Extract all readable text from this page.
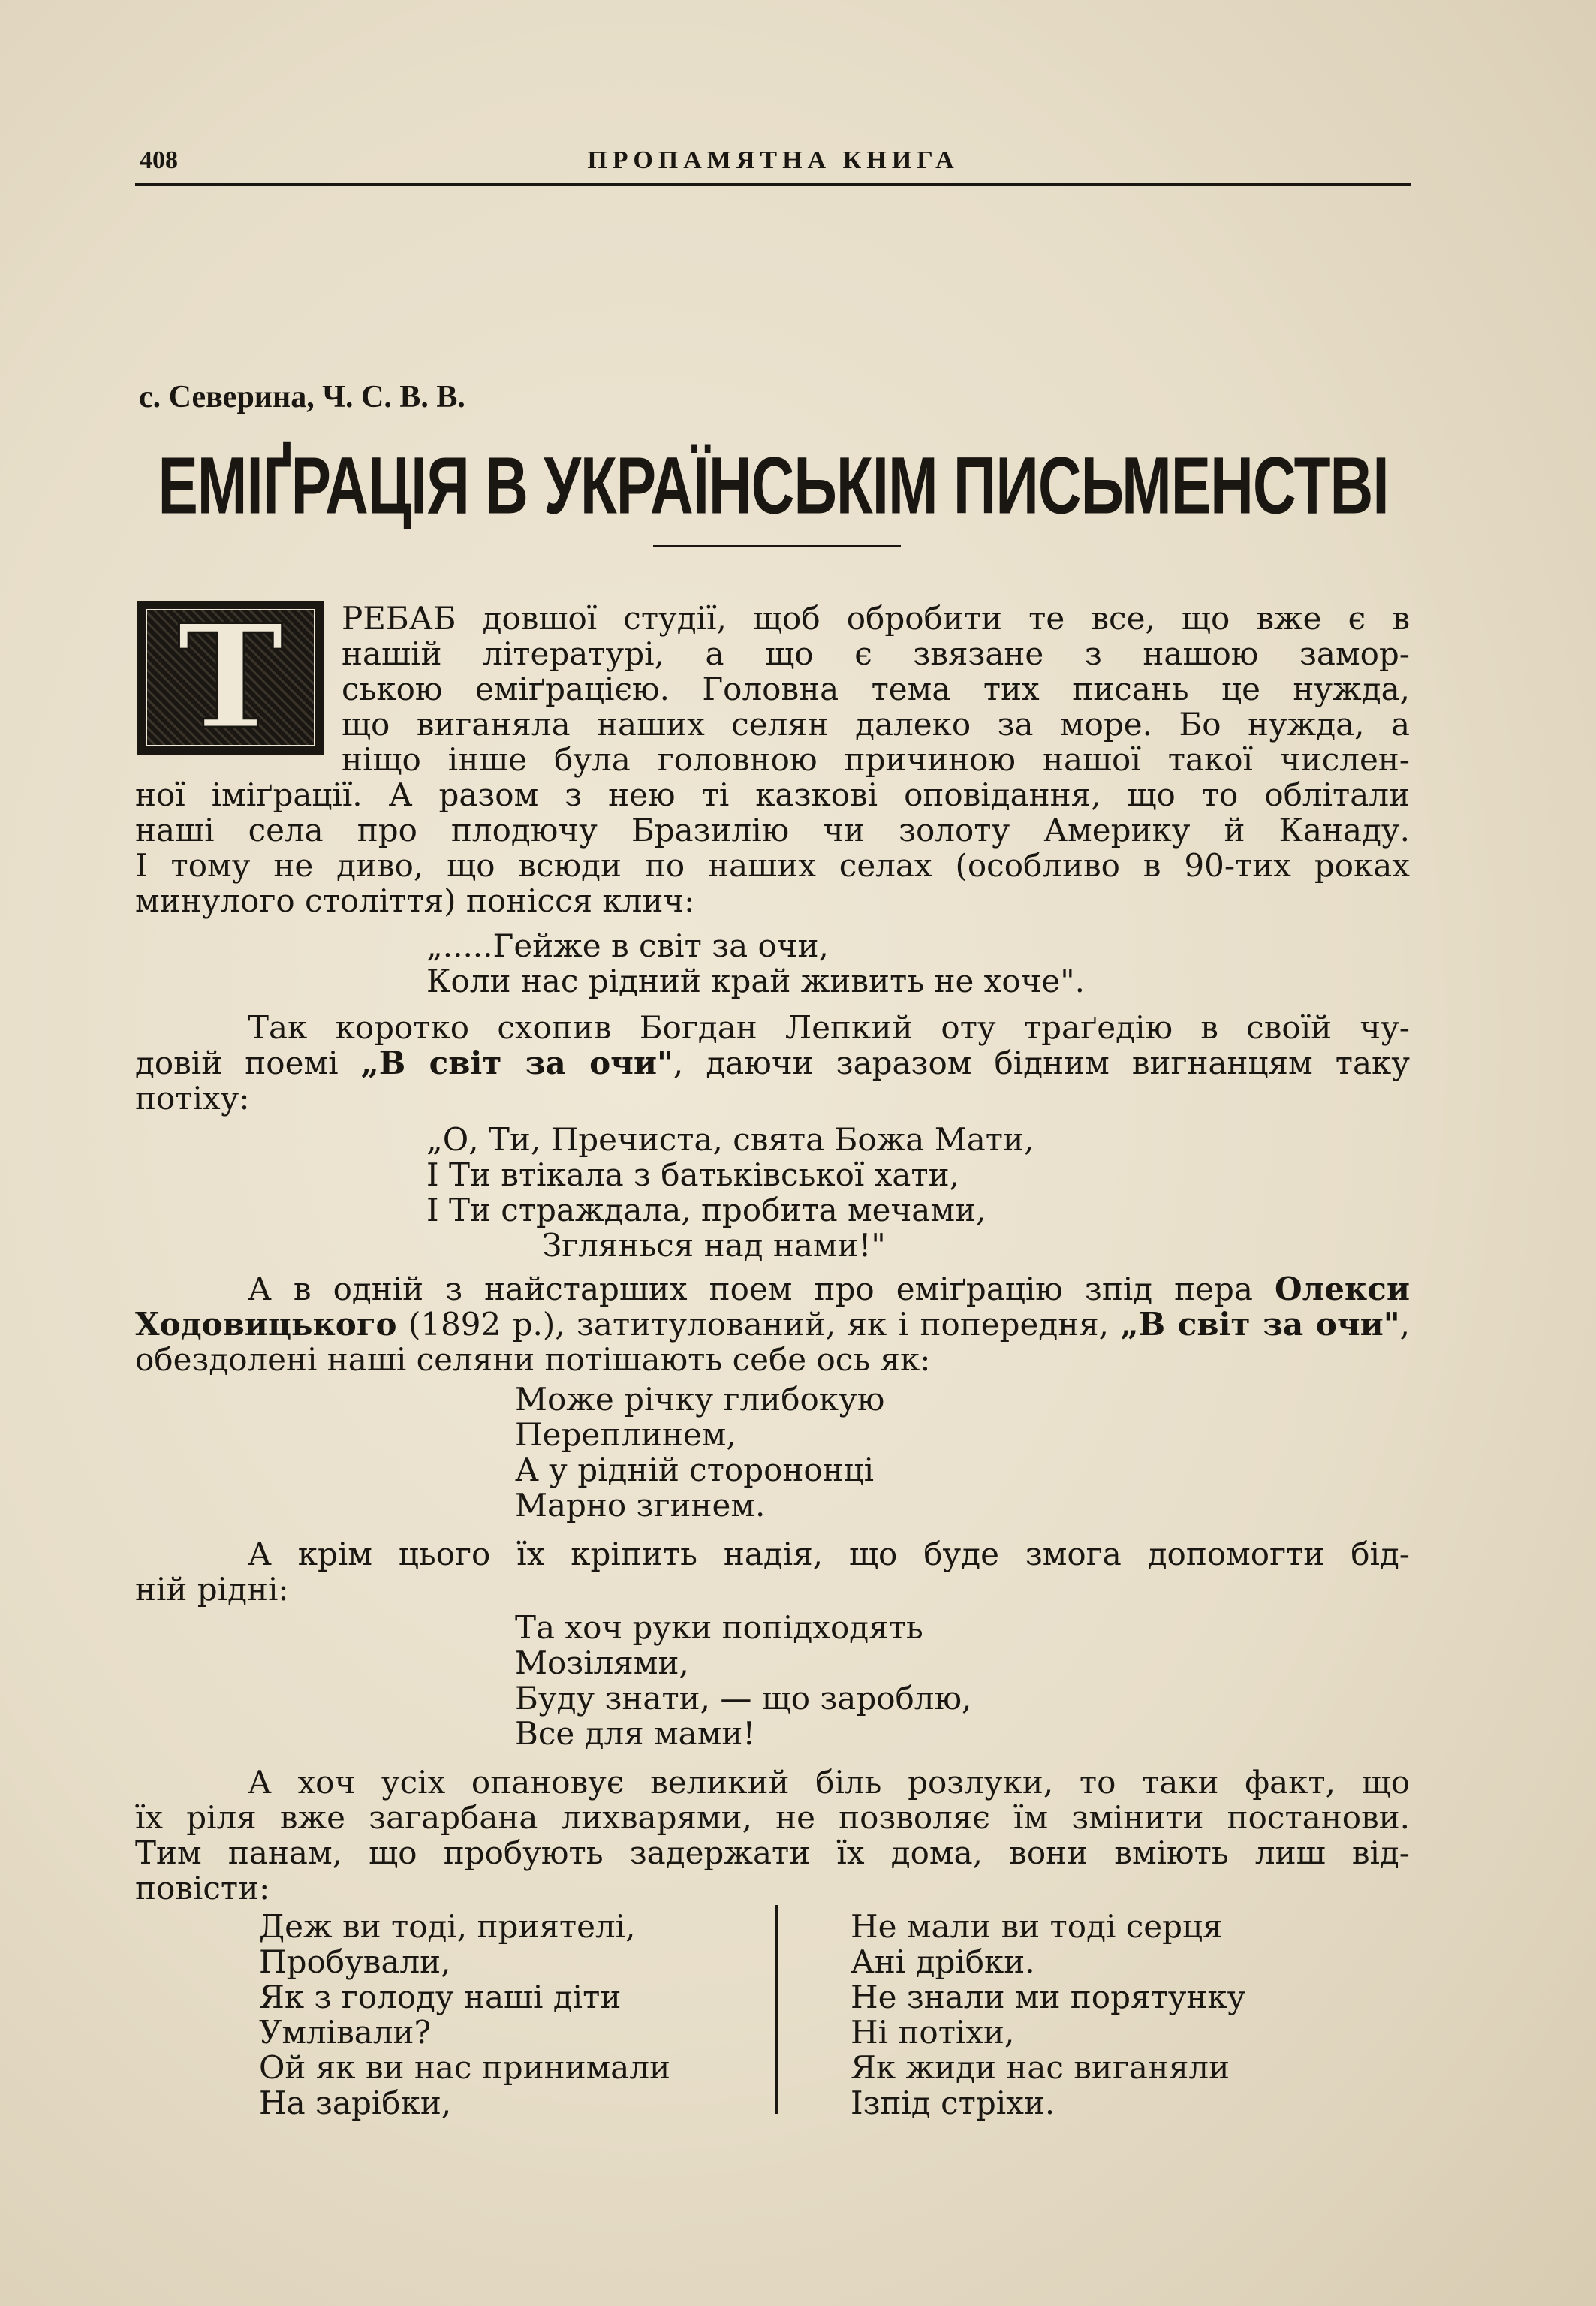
408	ПРОПАМЯТНА КНИГА
с. Северина, Ч. С. В. В.
ЕМІҐРАЦІЯ В УКРАЇНСЬКІМ ПИСЬМЕНСТВІ
Т	РЕБАБ довшої студії, щоб обробити те все, що вже є в
нашій літературі, а що є звязане з нашою замор-
ською еміґрацією. Головна тема тих писань це нужда,
що виганяла наших селян далеко за море. Бо нужда, а
ніщо інше була головною причиною нашої такої числен-
ної іміґрації. А разом з нею ті казкові оповідання, що то облітали
наші села про плодючу Бразилію чи золоту Америку й Канаду.
І тому не диво, що всюди по наших селах (особливо в 90-тих роках
минулого століття) понісся клич:
„.....Гейже в світ за очи,
Коли нас рідний край живить не хоче".
Так коротко схопив Богдан Лепкий оту траґедію в своїй чу-
довій поемі „В світ за очи", даючи заразом бідним вигнанцям таку
потіху:
„О, Ти, Пречиста, свята Божа Мати,
І Ти втікала з батьківської хати,
І Ти страждала, пробита мечами,
Зглянься над нами!"
А в одній з найстарших поем про еміґрацію зпід пера Олекси
Ходовицького (1892 р.), затитулований, як і попередня, „В світ за очи",
обездолені наші селяни потішають себе ось як:
Може річку глибокую
Переплинем,
А у рідній сторононці
Марно згинем.
А крім цього їх кріпить надія, що буде змога допомогти бід-
ній рідні:
Та хоч руки попідходять
Мозілями,
Буду знати, — що зароблю,
Все для мами!
А хоч усіх опановує великий біль розлуки, то таки факт, що
їх ріля вже загарбана лихварями, не позволяє їм змінити постанови.
Тим панам, що пробують задержати їх дома, вони вміють лиш від-
повісти:
Деж ви тоді, приятелі,
Пробували,
Як з голоду наші діти
Умлівали?
Ой як ви нас принимали
На зарібки,
Не мали ви тоді серця
Ані дрібки.
Не знали ми порятунку
Ні потіхи,
Як жиди нас виганяли
Ізпід стріхи.
